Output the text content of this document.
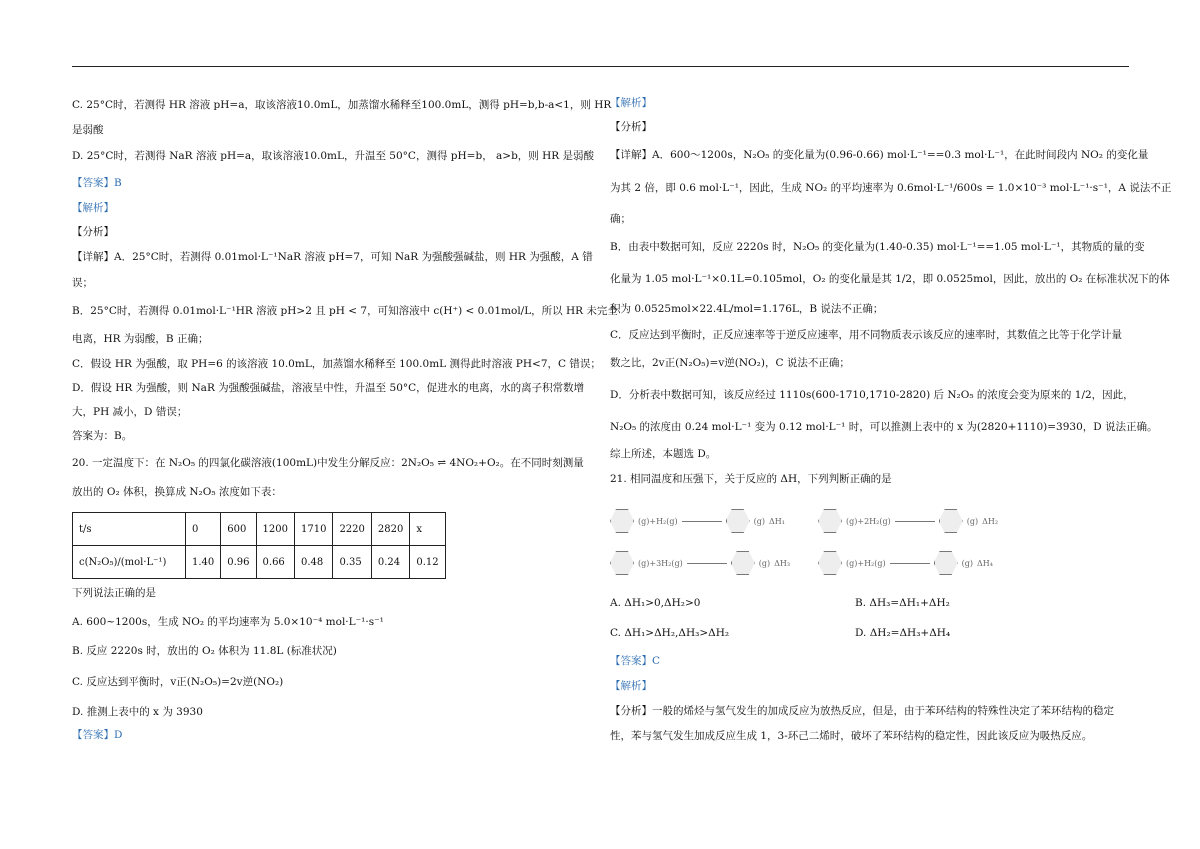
C. 25°C时，若测得 HR 溶液 pH=a，取该溶液10.0mL，加蒸馏水稀释至100.0mL，测得 pH=b,b-a<1，则 HR

是弱酸

D. 25°C时，若测得 NaR 溶液 pH=a，取该溶液10.0mL，升温至 50°C，测得 pH=b， a>b，则 HR 是弱酸

【答案】B

【解析】

【分析】

【详解】A．25°C时，若测得 0.01mol·L⁻¹NaR 溶液 pH=7，可知 NaR 为强酸强碱盐，则 HR 为强酸，A 错

误；

B．25°C时，若测得 0.01mol·L⁻¹HR 溶液 pH>2 且 pH < 7，可知溶液中 c(H⁺) < 0.01mol/L，所以 HR 未完全

电离，HR 为弱酸，B 正确；

C．假设 HR 为强酸，取 PH=6 的该溶液 10.0mL，加蒸馏水稀释至 100.0mL 测得此时溶液 PH<7，C 错误；

D．假设 HR 为强酸，则 NaR 为强酸强碱盐，溶液呈中性，升温至 50°C，促进水的电离，水的离子积常数增

大，PH 减小，D 错误；

答案为：B。

20. 一定温度下：在 N₂O₅ 的四氯化碳溶液(100mL)中发生分解反应：2N₂O₅ ⇌ 4NO₂+O₂。在不同时刻测量

放出的 O₂ 体积，换算成 N₂O₅ 浓度如下表：

t/s	0	600	1200	1710	2220	2820	x
c(N₂O₅)/(mol·L⁻¹)	1.40	0.96	0.66	0.48	0.35	0.24	0.12

下列说法正确的是

A. 600~1200s，生成 NO₂ 的平均速率为 5.0×10⁻⁴ mol·L⁻¹·s⁻¹

B. 反应 2220s 时，放出的 O₂ 体积为 11.8L (标准状况)

C. 反应达到平衡时，v正(N₂O₅)=2v逆(NO₂)

D. 推测上表中的 x 为 3930

【答案】D

【解析】

【分析】

【详解】A．600～1200s，N₂O₅ 的变化量为(0.96-0.66) mol·L⁻¹==0.3 mol·L⁻¹，在此时间段内 NO₂ 的变化量

为其 2 倍，即 0.6 mol·L⁻¹，因此，生成 NO₂ 的平均速率为 0.6mol·L⁻¹/600s = 1.0×10⁻³ mol·L⁻¹·s⁻¹，A 说法不正

确；

B．由表中数据可知，反应 2220s 时，N₂O₅ 的变化量为(1.40-0.35) mol·L⁻¹==1.05 mol·L⁻¹，其物质的量的变

化量为 1.05 mol·L⁻¹×0.1L=0.105mol，O₂ 的变化量是其 1/2，即 0.0525mol，因此，放出的 O₂ 在标准状况下的体

积为 0.0525mol×22.4L/mol=1.176L，B 说法不正确；

C．反应达到平衡时，正反应速率等于逆反应速率，用不同物质表示该反应的速率时，其数值之比等于化学计量

数之比，2v正(N₂O₅)=v逆(NO₂)，C 说法不正确；

D．分析表中数据可知，该反应经过 1110s(600-1710,1710-2820) 后 N₂O₅ 的浓度会变为原来的 1/2，因此，

N₂O₅ 的浓度由 0.24 mol·L⁻¹ 变为 0.12 mol·L⁻¹ 时，可以推测上表中的 x 为(2820+1110)=3930，D 说法正确。

综上所述，本题选 D。

21. 相同温度和压强下，关于反应的 ΔH，下列判断正确的是

(g)+H₂(g)	(g) ΔH₁	(g)+2H₂(g)	(g) ΔH₂
(g)+3H₂(g)	(g) ΔH₃	(g)+H₂(g)	(g) ΔH₄
A. ΔH₁>0,ΔH₂>0	B. ΔH₃=ΔH₁+ΔH₂
C. ΔH₁>ΔH₂,ΔH₃>ΔH₂	D. ΔH₂=ΔH₃+ΔH₄

【答案】C

【解析】

【分析】一般的烯烃与氢气发生的加成反应为放热反应，但是，由于苯环结构的特殊性决定了苯环结构的稳定

性，苯与氢气发生加成反应生成 1，3-环己二烯时，破坏了苯环结构的稳定性，因此该反应为吸热反应。
